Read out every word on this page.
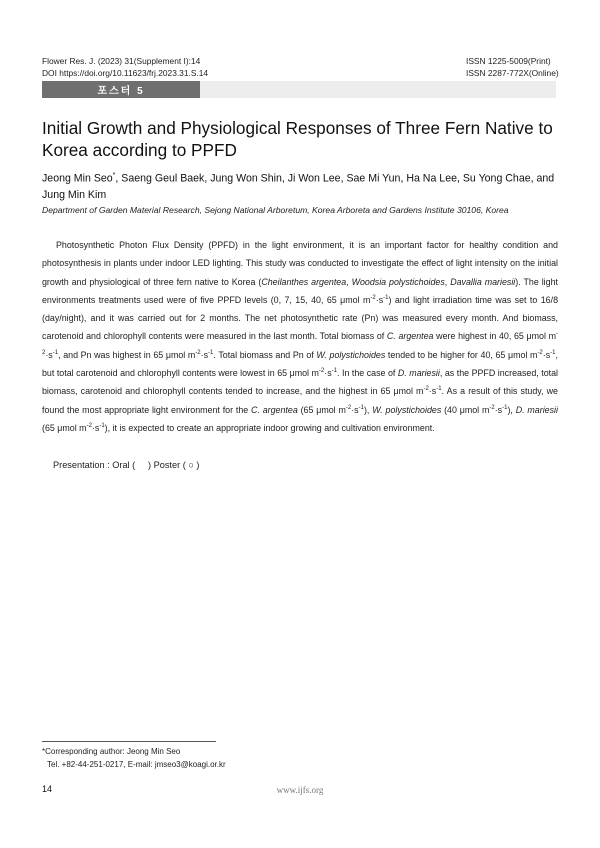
Flower Res. J. (2023) 31(Supplement I):14
DOI https://doi.org/10.11623/frj.2023.31.S.14
ISSN 1225-5009(Print)
ISSN 2287-772X(Online)
포스터 5
Initial Growth and Physiological Responses of Three Fern Native to Korea according to PPFD
Jeong Min Seo*, Saeng Geul Baek, Jung Won Shin, Ji Won Lee, Sae Mi Yun, Ha Na Lee, Su Yong Chae, and Jung Min Kim
Department of Garden Material Research, Sejong National Arboretum, Korea Arboreta and Gardens Institute 30106, Korea

Photosynthetic Photon Flux Density (PPFD) in the light environment, it is an important factor for healthy condition and photosynthesis in plants under indoor LED lighting. This study was conducted to investigate the effect of light intensity on the initial growth and physiological of three fern native to Korea (Cheilanthes argentea, Woodsia polystichoides, Davallia mariesii). The light environments treatments used were of five PPFD levels (0, 7, 15, 40, 65 μmol $m^{-2}\cdot s^{-1}$) and light irradiation time was set to 16/8 (day/night), and it was carried out for 2 months. The net photosynthetic rate (Pn) was measured every month. And biomass, carotenoid and chlorophyll contents were measured in the last month. Total biomass of C. argentea were highest in 40, 65 μmol $m^{-2}\cdot s^{-1}$, and Pn was highest in 65 μmol $m^{-2}\cdot s^{-1}$. Total biomass and Pn of W. polystichoides tended to be higher for 40, 65 μmol $m^{-2}\cdot s^{-1}$, but total carotenoid and chlorophyll contents were lowest in 65 μmol $m^{-2}\cdot s^{-1}$. In the case of D. mariesii, as the PPFD increased, total biomass, carotenoid and chlorophyll contents tended to increase, and the highest in 65 μmol $m^{-2}\cdot s^{-1}$. As a result of this study, we found the most appropriate light environment for the C. argentea (65 μmol $m^{-2}\cdot s^{-1}$), W. polystichoides (40 μmol $m^{-2}\cdot s^{-1}$), D. mariesii (65 μmol $m^{-2}\cdot s^{-1}$), it is expected to create an appropriate indoor growing and cultivation environment.

Presentation : Oral (     ) Poster ( ○ )
*Corresponding author: Jeong Min Seo
Tel. +82-44-251-0217, E-mail: jmseo3@koagi.or.kr
14	www.ijfs.org
